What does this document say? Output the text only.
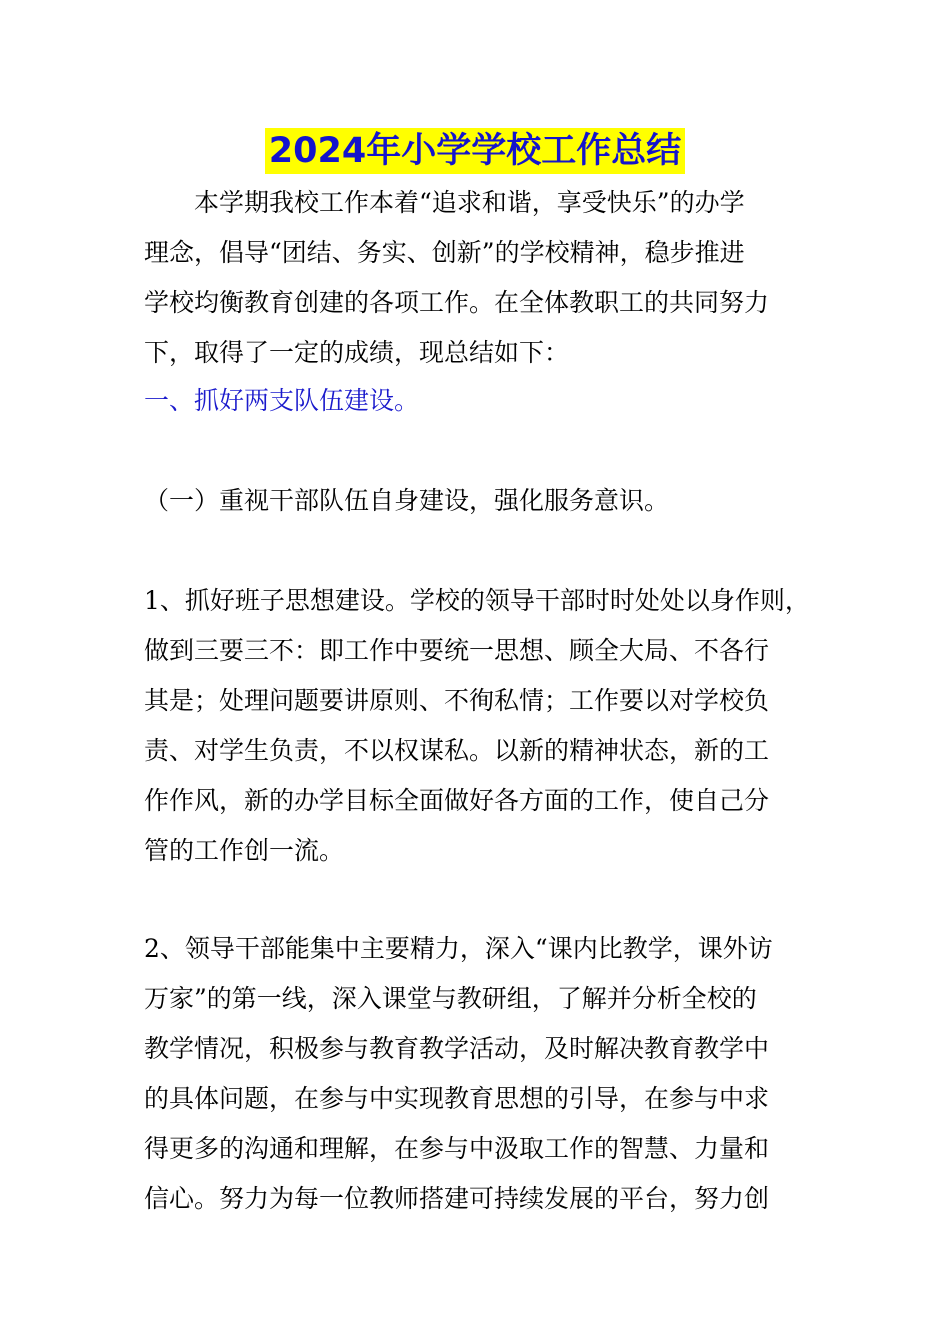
2024年小学学校工作总结
本学期我校工作本着“追求和谐，享受快乐”的办学
理念，倡导“团结、务实、创新”的学校精神，稳步推进
学校均衡教育创建的各项工作。在全体教职工的共同努力
下，取得了一定的成绩，现总结如下：
一、抓好两支队伍建设。
（一）重视干部队伍自身建设，强化服务意识。
1、抓好班子思想建设。学校的领导干部时时处处以身作则，
做到三要三不：即工作中要统一思想、顾全大局、不各行
其是；处理问题要讲原则、不徇私情；工作要以对学校负
责、对学生负责，不以权谋私。以新的精神状态，新的工
作作风，新的办学目标全面做好各方面的工作，使自己分
管的工作创一流。
2、领导干部能集中主要精力，深入“课内比教学，课外访
万家”的第一线，深入课堂与教研组，了解并分析全校的
教学情况，积极参与教育教学活动，及时解决教育教学中
的具体问题，在参与中实现教育思想的引导，在参与中求
得更多的沟通和理解，在参与中汲取工作的智慧、力量和
信心。努力为每一位教师搭建可持续发展的平台，努力创
